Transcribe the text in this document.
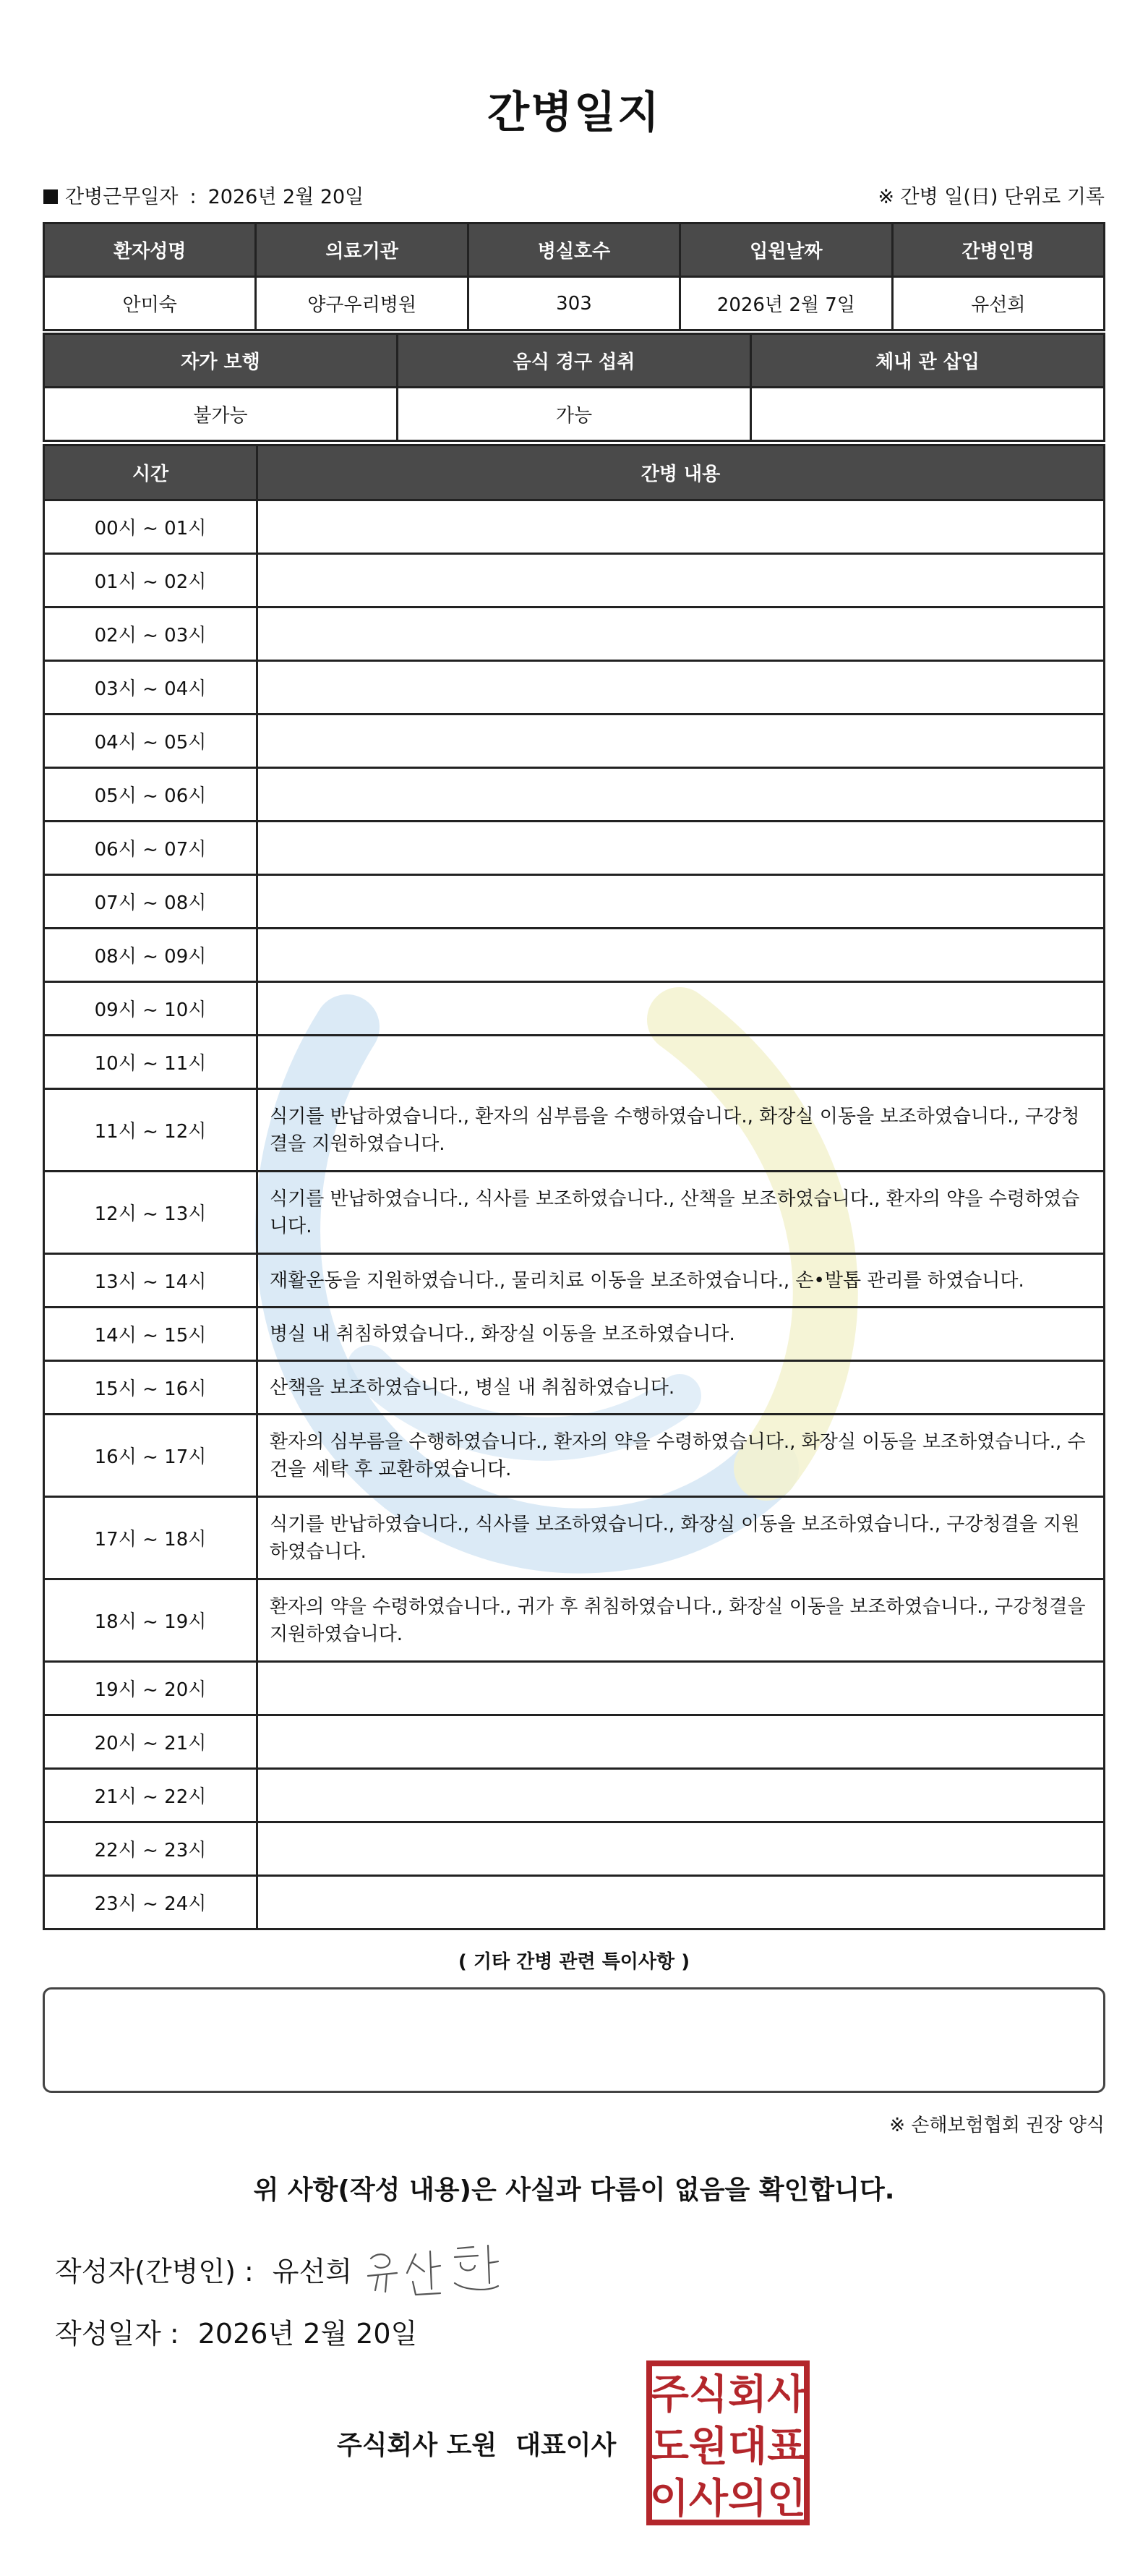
간병일지
간병근무일자 : 2026년 2월 20일	※ 간병 일(日) 단위로 기록
환자성명	의료기관	병실호수	입원날짜	간병인명
안미숙	양구우리병원	303	2026년 2월 7일	유선희
자가 보행	음식 경구 섭취	체내 관 삽입
불가능	가능	
시간	간병 내용
00시 ~ 01시	
01시 ~ 02시	
02시 ~ 03시	
03시 ~ 04시	
04시 ~ 05시	
05시 ~ 06시	
06시 ~ 07시	
07시 ~ 08시	
08시 ~ 09시	
09시 ~ 10시	
10시 ~ 11시	
11시 ~ 12시	식기를 반납하였습니다., 환자의 심부름을 수행하였습니다., 화장실 이동을 보조하였습니다., 구강청결을 지원하였습니다.
12시 ~ 13시	식기를 반납하였습니다., 식사를 보조하였습니다., 산책을 보조하였습니다., 환자의 약을 수령하였습니다.
13시 ~ 14시	재활운동을 지원하였습니다., 물리치료 이동을 보조하였습니다., 손•발톱 관리를 하였습니다.
14시 ~ 15시	병실 내 취침하였습니다., 화장실 이동을 보조하였습니다.
15시 ~ 16시	산책을 보조하였습니다., 병실 내 취침하였습니다.
16시 ~ 17시	환자의 심부름을 수행하였습니다., 환자의 약을 수령하였습니다., 화장실 이동을 보조하였습니다., 수건을 세탁 후 교환하였습니다.
17시 ~ 18시	식기를 반납하였습니다., 식사를 보조하였습니다., 화장실 이동을 보조하였습니다., 구강청결을 지원하였습니다.
18시 ~ 19시	환자의 약을 수령하였습니다., 귀가 후 취침하였습니다., 화장실 이동을 보조하였습니다., 구강청결을 지원하였습니다.
19시 ~ 20시	
20시 ~ 21시	
21시 ~ 22시	
22시 ~ 23시	
23시 ~ 24시	
( 기타 간병 관련 특이사항 )
※ 손해보험협회 권장 양식
위 사항(작성 내용)은 사실과 다름이 없음을 확인합니다.
작성자(간병인) : 유선희
작성일자 : 2026년 2월 20일
주식회사 도원 대표이사
주식회사
도원대표
이사의인
